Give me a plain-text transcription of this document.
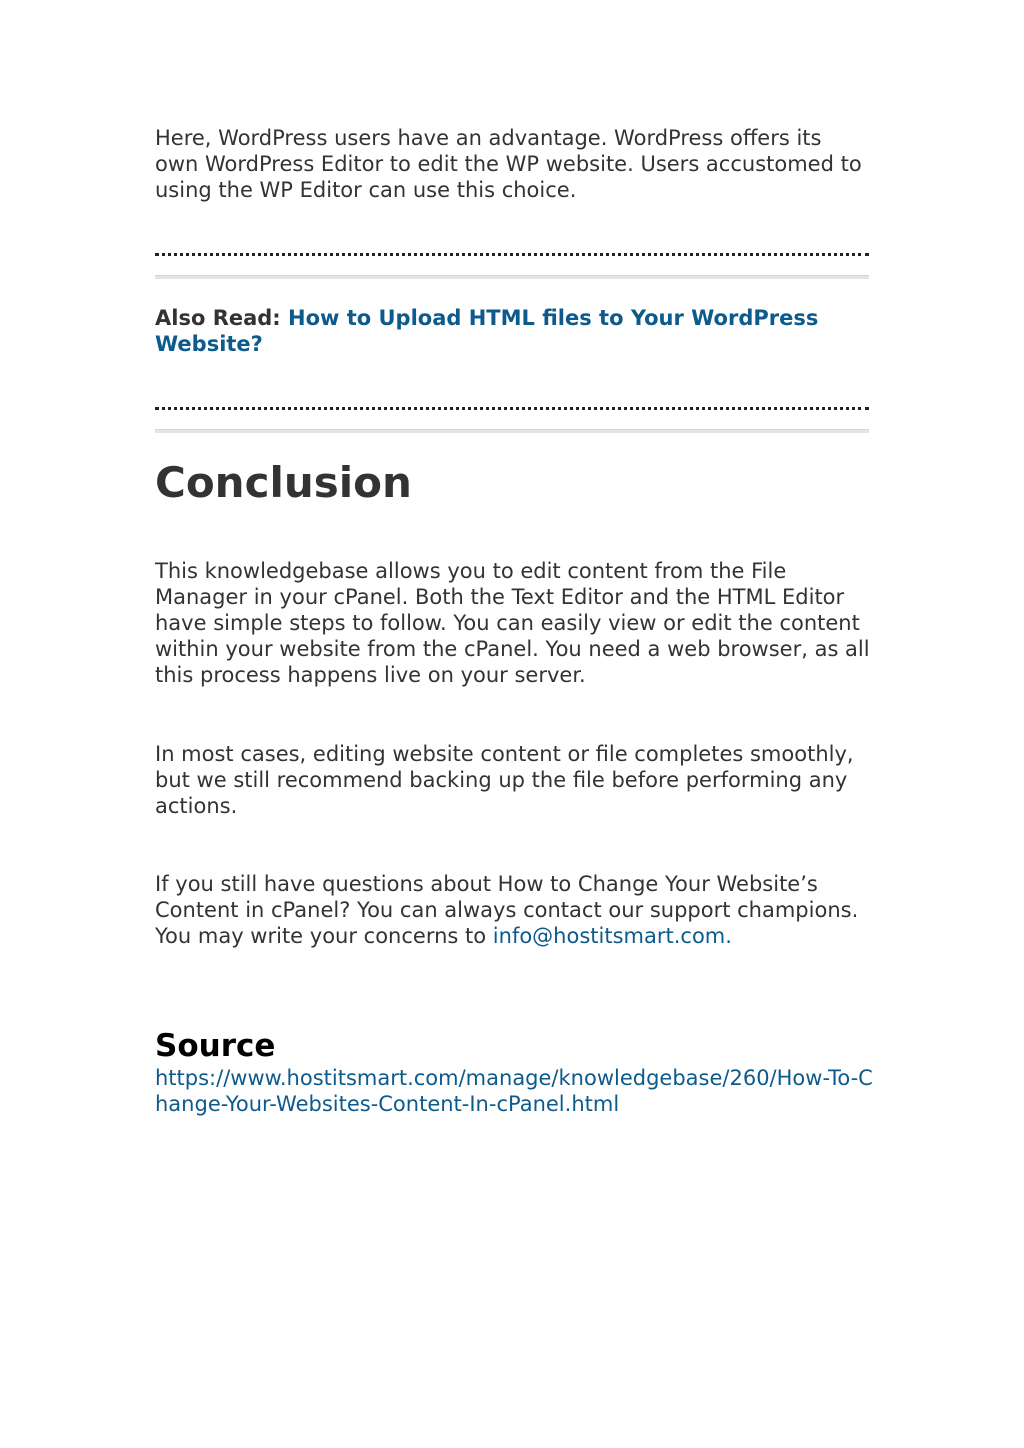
Here, WordPress users have an advantage. WordPress offers its own WordPress Editor to edit the WP website. Users accustomed to using the WP Editor can use this choice.

Also Read: How to Upload HTML files to Your WordPress Website?
Conclusion

This knowledgebase allows you to edit content from the File Manager in your cPanel. Both the Text Editor and the HTML Editor have simple steps to follow. You can easily view or edit the content within your website from the cPanel. You need a web browser, as all this process happens live on your server.

In most cases, editing website content or file completes smoothly, but we still recommend backing up the file before performing any actions.

If you still have questions about How to Change Your Website’s Content in cPanel? You can always contact our support champions. You may write your concerns to info@hostitsmart.com.

Source
https://www.hostitsmart.com/manage/knowledgebase/260/How-To-Change-Your-Websites-Content-In-cPanel.html
